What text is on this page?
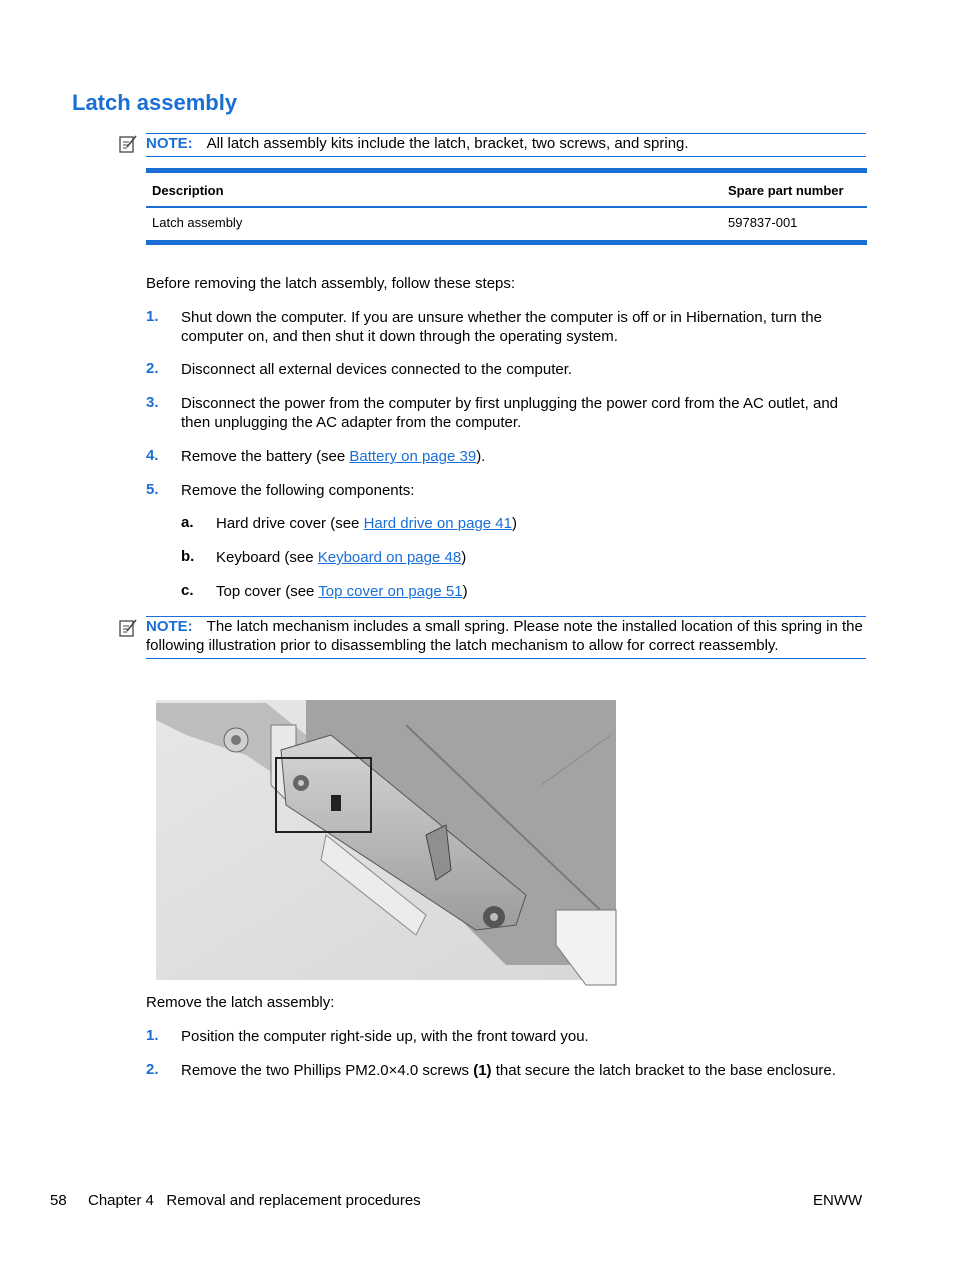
Latch assembly
NOTE: All latch assembly kits include the latch, bracket, two screws, and spring.
Description	Spare part number
Latch assembly	597837-001
Before removing the latch assembly, follow these steps:
1. Shut down the computer. If you are unsure whether the computer is off or in Hibernation, turn the computer on, and then shut it down through the operating system.
2. Disconnect all external devices connected to the computer.
3. Disconnect the power from the computer by first unplugging the power cord from the AC outlet, and then unplugging the AC adapter from the computer.
4. Remove the battery (see Battery on page 39).
5. Remove the following components:
a. Hard drive cover (see Hard drive on page 41)
b. Keyboard (see Keyboard on page 48)
c. Top cover (see Top cover on page 51)
NOTE: The latch mechanism includes a small spring. Please note the installed location of this spring in the following illustration prior to disassembling the latch mechanism to allow for correct reassembly.
Remove the latch assembly:
1. Position the computer right-side up, with the front toward you.
2. Remove the two Phillips PM2.0×4.0 screws (1) that secure the latch bracket to the base enclosure.
58 Chapter 4   Removal and replacement procedures	ENWW
